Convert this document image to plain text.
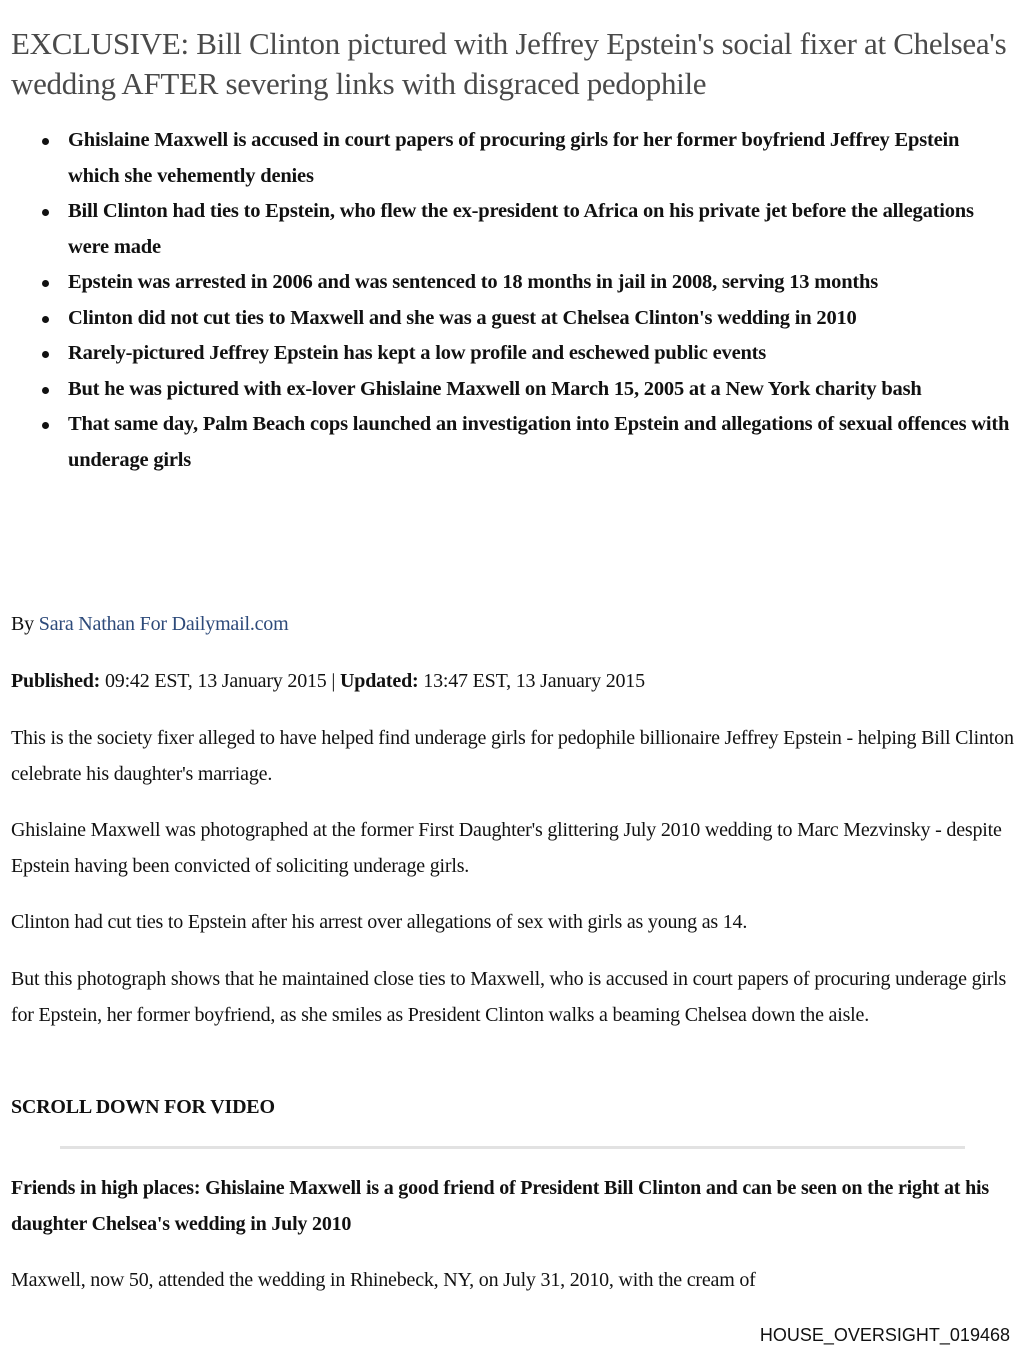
EXCLUSIVE: Bill Clinton pictured with Jeffrey Epstein's social fixer at Chelsea's wedding AFTER severing links with disgraced pedophile
Ghislaine Maxwell is accused in court papers of procuring girls for her former boyfriend Jeffrey Epstein which she vehemently denies
Bill Clinton had ties to Epstein, who flew the ex-president to Africa on his private jet before the allegations were made
Epstein was arrested in 2006 and was sentenced to 18 months in jail in 2008, serving 13 months
Clinton did not cut ties to Maxwell and she was a guest at Chelsea Clinton's wedding in 2010
Rarely-pictured Jeffrey Epstein has kept a low profile and eschewed public events
But he was pictured with ex-lover Ghislaine Maxwell on March 15, 2005 at a New York charity bash
That same day, Palm Beach cops launched an investigation into Epstein and allegations of sexual offences with underage girls

By Sara Nathan For Dailymail.com

Published: 09:42 EST, 13 January 2015 | Updated: 13:47 EST, 13 January 2015

This is the society fixer alleged to have helped find underage girls for pedophile billionaire Jeffrey Epstein - helping Bill Clinton celebrate his daughter's marriage.

Ghislaine Maxwell was photographed at the former First Daughter's glittering July 2010 wedding to Marc Mezvinsky - despite Epstein having been convicted of soliciting underage girls.

Clinton had cut ties to Epstein after his arrest over allegations of sex with girls as young as 14.

But this photograph shows that he maintained close ties to Maxwell, who is accused in court papers of procuring underage girls for Epstein, her former boyfriend, as she smiles as President Clinton walks a beaming Chelsea down the aisle.

SCROLL DOWN FOR VIDEO

Friends in high places: Ghislaine Maxwell is a good friend of President Bill Clinton and can be seen on the right at his daughter Chelsea's wedding in July 2010

Maxwell, now 50, attended the wedding in Rhinebeck, NY, on July 31, 2010, with the cream of

HOUSE_OVERSIGHT_019468
